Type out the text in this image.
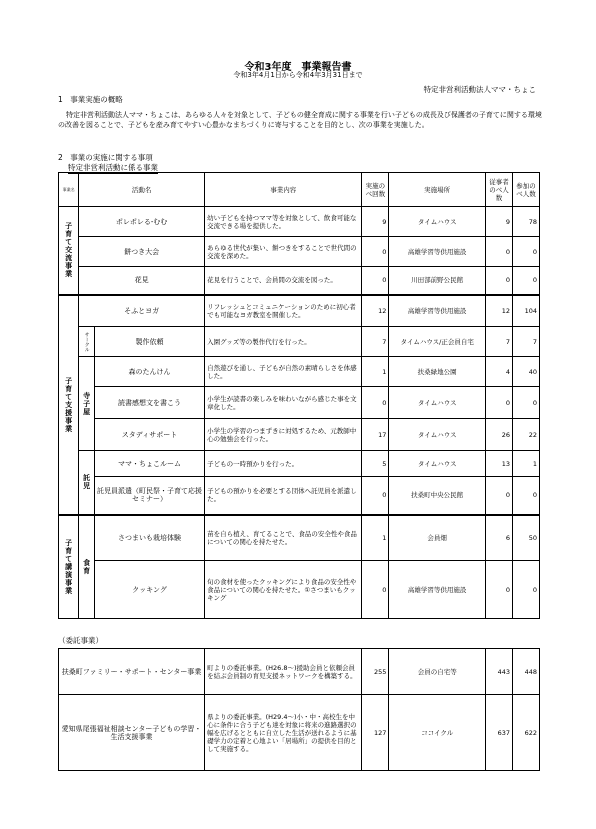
令和3年度　事業報告書
令和3年4月1日から令和4年3月31日まで
特定非営利活動法人ママ・ちょこ
1　事業実施の概略
特定非営利活動法人ママ・ちょこは、あらゆる人々を対象として、子どもの健全育成に関する事業を行い子どもの成長及び保護者の子育てに関する環境の改善を図ることで、子どもを産み育てやすい心豊かなまちづくりに寄与することを目的とし、次の事業を実施した。
2　事業の実施に関する事項
特定非営利活動に係る事業
事業名	活動名		事業内容	実施のべ回数	実施場所	従事者のべ人数	参加のべ人数
子育て交流事業	ポレポレる-むむ		幼い子どもを持つママ等を対象として、飲食可能な交流できる場を提供した。	9	タイムハウス	9	78
	餅つき大会		あらゆる世代が集い、餅つきをすることで世代間の交流を深めた。	0	高雄学習等供用施設	0	0
	花見		花見を行うことで、会員間の交流を図った。	0	川田部前野公民館	0	0
子育て支援事業	そふとヨガ		リフレッシュとコミュニケーションのために初心者でも可能なヨガ教室を開催した。	12	高雄学習等供用施設	12	104
	サークル	製作依頼	入園グッズ等の製作代行を行った。	7	タイムハウス/正会員自宅	7	7
	寺子屋	森のたんけん	自然遊びを通し、子どもが自然の素晴らしさを体感した。	1	扶桑緑地公園	4	40
		読書感想文を書こう	小学生が読書の楽しみを味わいながら感じた事を文章化した。	0	タイムハウス	0	0
		スタディサポート	小学生の学習のつまずきに対処するため、元教師中心の勉強会を行った。	17	タイムハウス	26	22
	託児	ママ・ちょこルーム	子どもの一時預かりを行った。	5	タイムハウス	13	1
		託児員派遣（町民祭・子育て応援セミナー）	子どもの預かりを必要とする団体へ託児員を派遣した。	0	扶桑町中央公民館	0	0
子育て講演事業	食育	さつまいも栽培体験	苗を自ら植え、育てることで、食品の安全性や食品についての関心を持たせた。	1	会員畑	6	50
		クッキング	旬の食材を使ったクッキングにより食品の安全性や食品についての関心を持たせた。①さつまいもクッキング	0	高雄学習等供用施設	0	0
（委託事業）
扶桑町ファミリー・サポート・センター事業	町よりの委託事業。(H26.8～)援助会員と依頼会員を結ぶ会員制の育児支援ネットワークを構築する。	255	会員の自宅等	443	448
愛知県尾張福祉相談センター子どもの学習・生活支援事業	県よりの委託事業。(H29.4～)小・中・高校生を中心に条件に合う子ども達を対象に将来の進路選択の幅を広げるとともに自立した生活が送れるように基礎学力の定着と心地よい「居場所」の提供を目的として実施する。	127	ココイクル	637	622
